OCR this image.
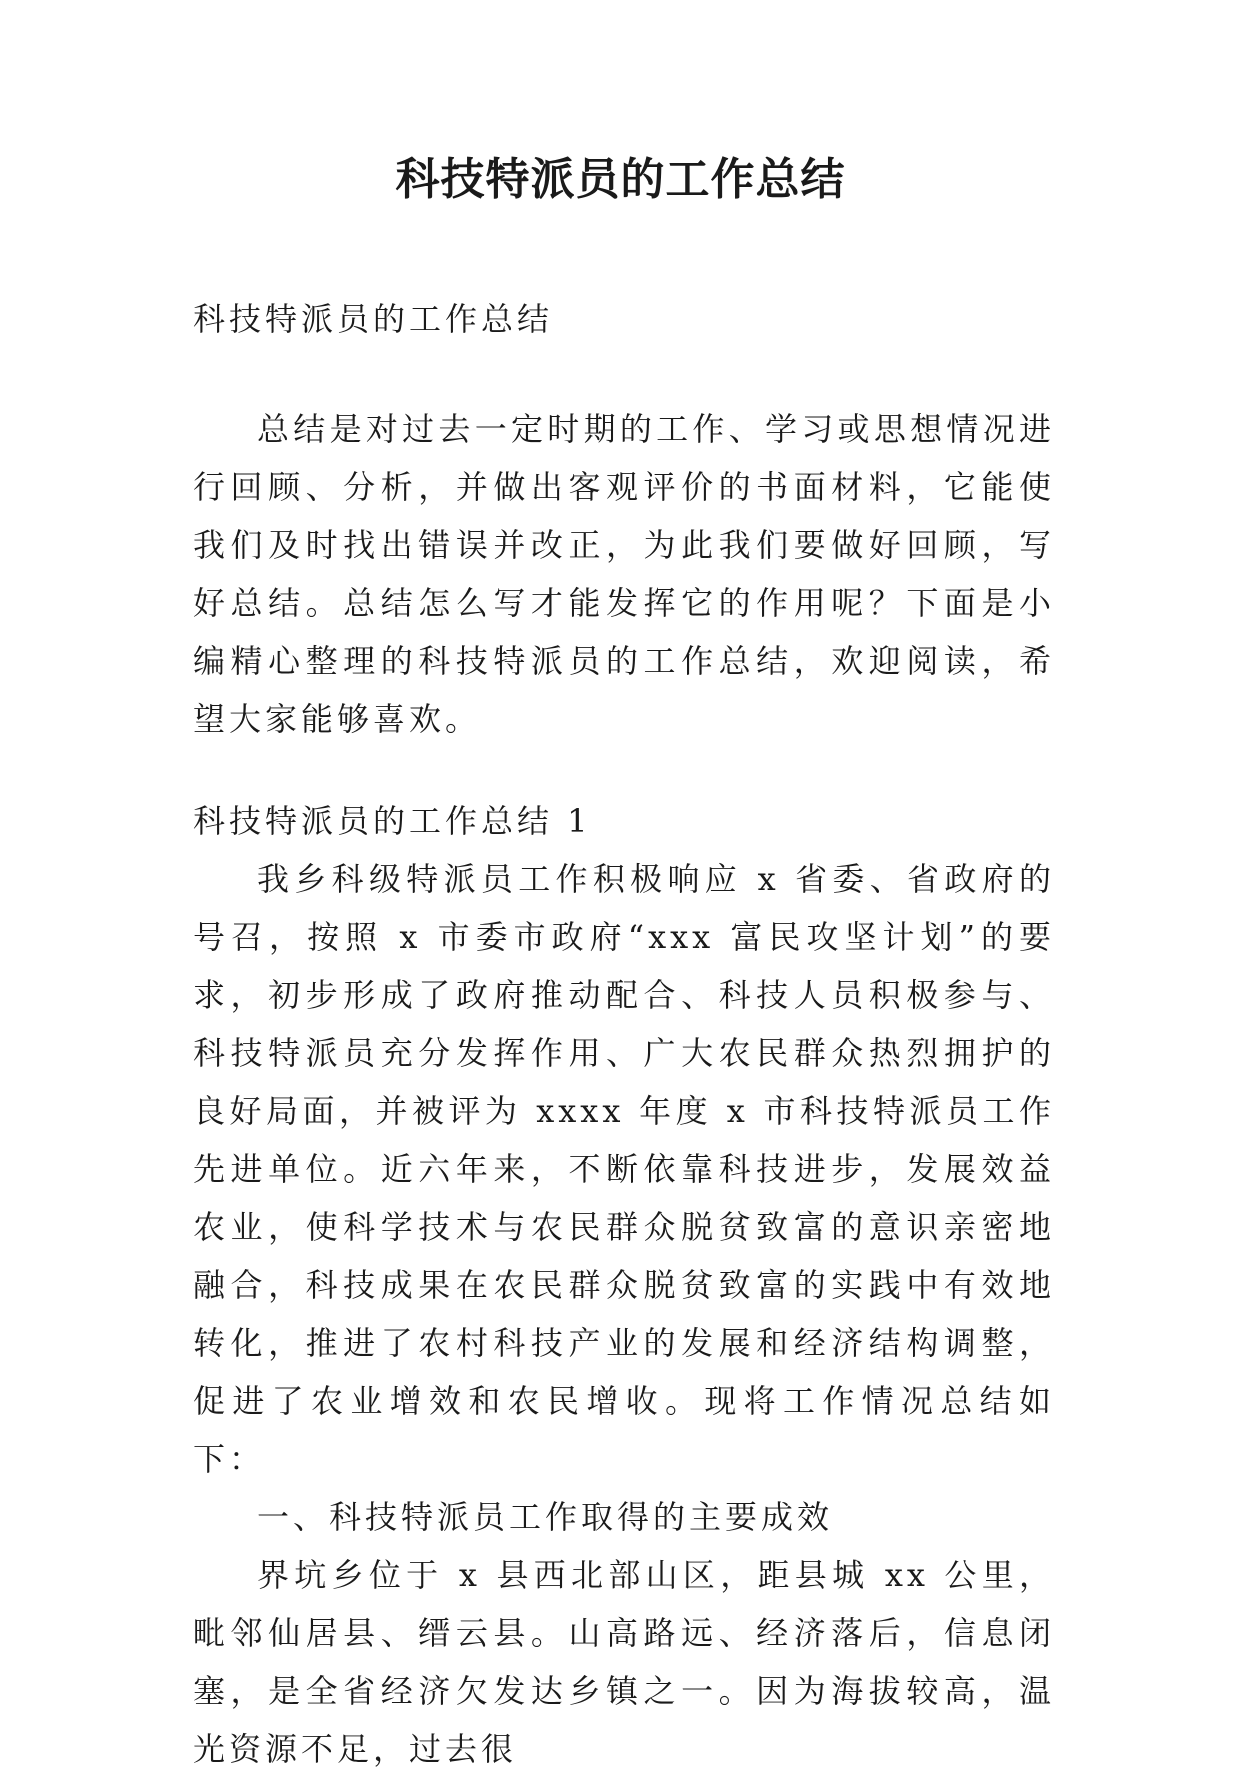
科技特派员的工作总结

科技特派员的工作总结

总结是对过去一定时期的工作、学习或思想情况进行回顾、分析，并做出客观评价的书面材料，它能使我们及时找出错误并改正，为此我们要做好回顾，写好总结。总结怎么写才能发挥它的作用呢？下面是小编精心整理的科技特派员的工作总结，欢迎阅读，希望大家能够喜欢。

科技特派员的工作总结 1

我乡科级特派员工作积极响应 x 省委、省政府的号召，按照 x 市委市政府“xxx 富民攻坚计划”的要求，初步形成了政府推动配合、科技人员积极参与、科技特派员充分发挥作用、广大农民群众热烈拥护的良好局面，并被评为 xxxx 年度 x 市科技特派员工作先进单位。近六年来，不断依靠科技进步，发展效益农业，使科学技术与农民群众脱贫致富的意识亲密地融合，科技成果在农民群众脱贫致富的实践中有效地转化，推进了农村科技产业的发展和经济结构调整，促进了农业增效和农民增收。现将工作情况总结如下：

一、科技特派员工作取得的主要成效

界坑乡位于 x 县西北部山区，距县城 xx 公里，毗邻仙居县、缙云县。山高路远、经济落后，信息闭塞，是全省经济欠发达乡镇之一。因为海拔较高，温光资源不足，过去很
